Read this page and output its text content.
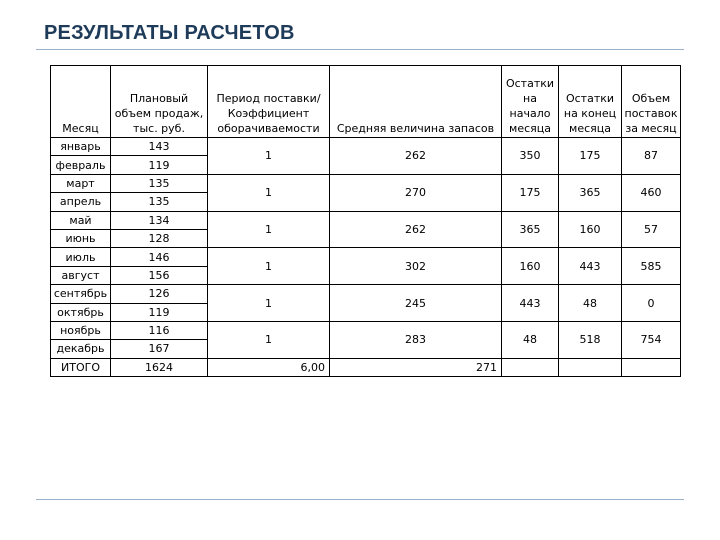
РЕЗУЛЬТАТЫ РАСЧЕТОВ
Месяц	Плановый
объем продаж,
тыс. руб.	Период поставки/
Коэффициент
оборачиваемости	Средняя величина запасов	Остатки
на
начало
месяца	Остатки
на конец
месяца	Объем
поставок
за месяц

январь	143	1	262	350	175	87
февраль	119					
март	135	1	270	175	365	460
апрель	135					
май	134	1	262	365	160	57
июнь	128					
июль	146	1	302	160	443	585
август	156					
сентябрь	126	1	245	443	48	0
октябрь	119					
ноябрь	116	1	283	48	518	754
декабрь	167					
ИТОГО	1624	6,00	271			
